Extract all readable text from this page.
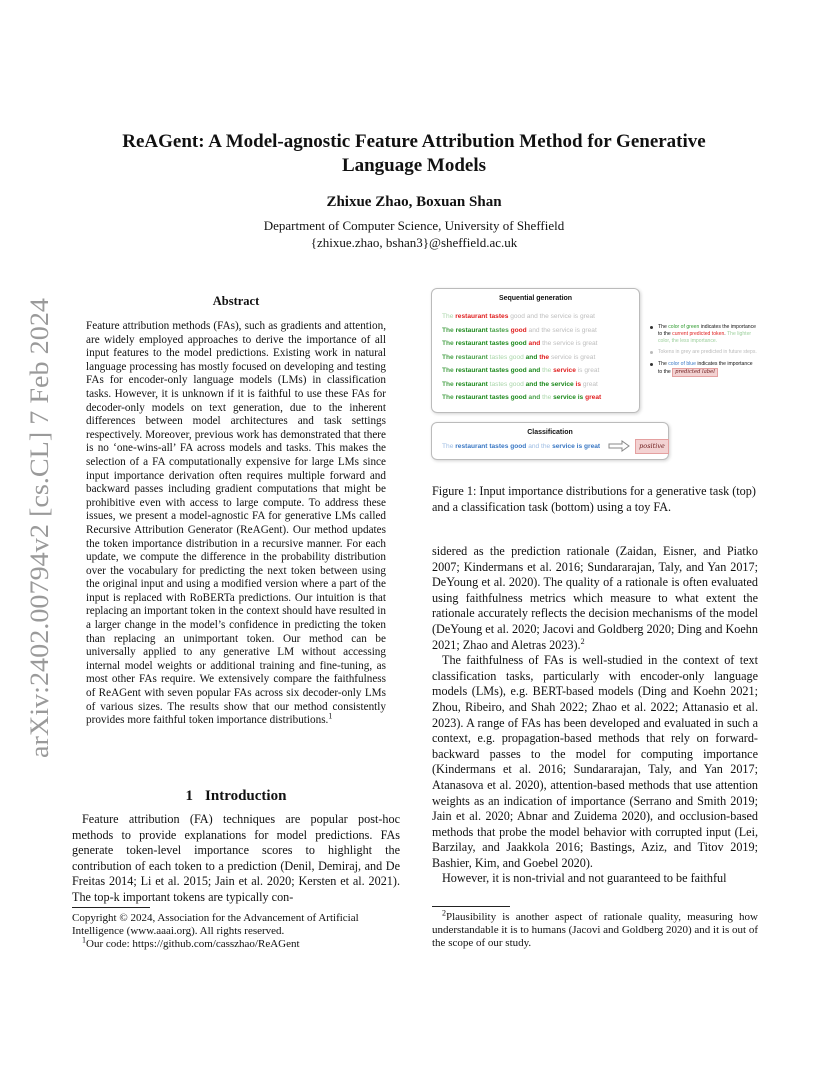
arXiv:2402.00794v2 [cs.CL] 7 Feb 2024
ReAGent: A Model-agnostic Feature Attribution Method for Generative Language Models
Zhixue Zhao, Boxuan Shan
Department of Computer Science, University of Sheffield
{zhixue.zhao, bshan3}@sheffield.ac.uk
Abstract
Feature attribution methods (FAs), such as gradients and attention, are widely employed approaches to derive the importance of all input features to the model predictions. Existing work in natural language processing has mostly focused on developing and testing FAs for encoder-only language models (LMs) in classification tasks. However, it is unknown if it is faithful to use these FAs for decoder-only models on text generation, due to the inherent differences between model architectures and task settings respectively. Moreover, previous work has demonstrated that there is no ‘one-wins-all’ FA across models and tasks. This makes the selection of a FA computationally expensive for large LMs since input importance derivation often requires multiple forward and backward passes including gradient computations that might be prohibitive even with access to large compute. To address these issues, we present a model-agnostic FA for generative LMs called Recursive Attribution Generator (ReAGent). Our method updates the token importance distribution in a recursive manner. For each update, we compute the difference in the probability distribution over the vocabulary for predicting the next token between using the original input and using a modified version where a part of the input is replaced with RoBERTa predictions. Our intuition is that replacing an important token in the context should have resulted in a larger change in the model’s confidence in predicting the token than replacing an unimportant token. Our method can be universally applied to any generative LM without accessing internal model weights or additional training and fine-tuning, as most other FAs require. We extensively compare the faithfulness of ReAGent with seven popular FAs across six decoder-only LMs of various sizes. The results show that our method consistently provides more faithful token importance distributions.$^1$
1 Introduction

Feature attribution (FA) techniques are popular post-hoc methods to provide explanations for model predictions. FAs generate token-level importance scores to highlight the contribution of each token to a prediction (Denil, Demiraj, and De Freitas 2014; Li et al. 2015; Jain et al. 2020; Kersten et al. 2021). The top-k important tokens are typically con-

Copyright © 2024, Association for the Advancement of Artificial Intelligence (www.aaai.org). All rights reserved.

$^1$Our code: https://github.com/casszhao/ReAGent

Sequential generation
The restaurant tastes good and the service is great
The restaurant tastes good and the service is great
The restaurant tastes good and the service is great
The restaurant tastes good and the service is great
The restaurant tastes good and the service is great
The restaurant tastes good and the service is great
The restaurant tastes good and the service is great
The color of green indicates the importance to the current predicted token. The lighter color, the less importance.
Tokens in grey are predicted in future steps.
The color of blue indicates the importance to the predicted label
Classification
The restaurant tastes good and the service is great	positive
Figure 1: Input importance distributions for a generative task (top) and a classification task (bottom) using a toy FA.

sidered as the prediction rationale (Zaidan, Eisner, and Piatko 2007; Kindermans et al. 2016; Sundararajan, Taly, and Yan 2017; DeYoung et al. 2020). The quality of a rationale is often evaluated using faithfulness metrics which measure to what extent the rationale accurately reflects the decision mechanisms of the model (DeYoung et al. 2020; Jacovi and Goldberg 2020; Ding and Koehn 2021; Zhao and Aletras 2023).$^2$

The faithfulness of FAs is well-studied in the context of text classification tasks, particularly with encoder-only language models (LMs), e.g. BERT-based models (Ding and Koehn 2021; Zhou, Ribeiro, and Shah 2022; Zhao et al. 2022; Attanasio et al. 2023). A range of FAs has been developed and evaluated in such a context, e.g. propagation-based methods that rely on forward-backward passes to the model for computing importance (Kindermans et al. 2016; Sundararajan, Taly, and Yan 2017; Atanasova et al. 2020), attention-based methods that use attention weights as an indication of importance (Serrano and Smith 2019; Jain et al. 2020; Abnar and Zuidema 2020), and occlusion-based methods that probe the model behavior with corrupted input (Lei, Barzilay, and Jaakkola 2016; Bastings, Aziz, and Titov 2019; Bashier, Kim, and Goebel 2020).

However, it is non-trivial and not guaranteed to be faithful

$^2$Plausibility is another aspect of rationale quality, measuring how understandable it is to humans (Jacovi and Goldberg 2020) and it is out of the scope of our study.
